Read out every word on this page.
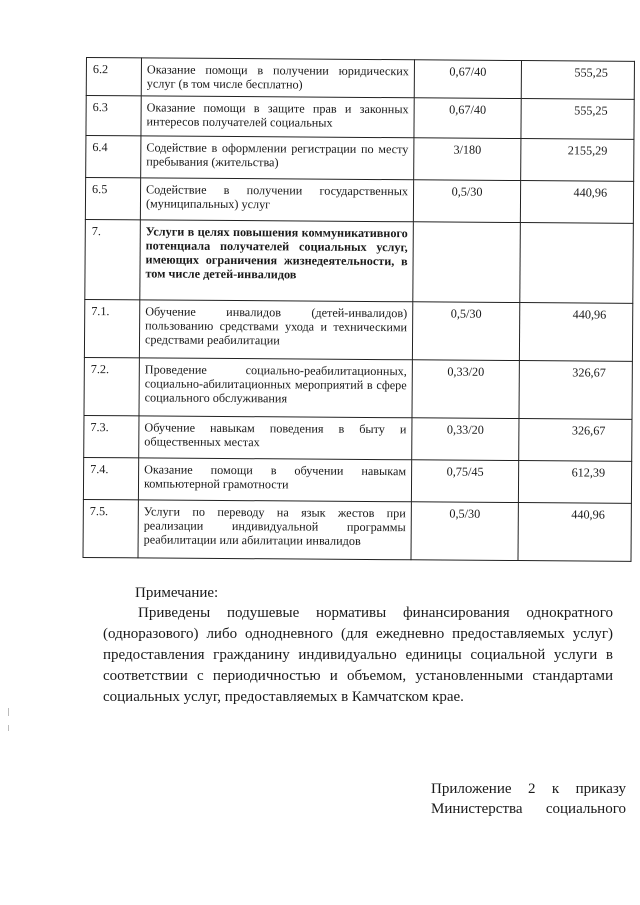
6.2	Оказание помощи в получении юридических услуг (в том числе бесплатно)	0,67/40	555,25
6.3	Оказание помощи в защите прав и законных интересов получателей социальных	0,67/40	555,25
6.4	Содействие в оформлении регистрации по месту пребывания (жительства)	3/180	2155,29
6.5	Содействие в получении государственных (муниципальных) услуг	0,5/30	440,96
7.	Услуги в целях повышения коммуникативного потенциала получателей социальных услуг, имеющих ограничения жизнедеятельности, в том числе детей-инвалидов		
7.1.	Обучение инвалидов (детей-инвалидов) пользованию средствами ухода и техническими средствами реабилитации	0,5/30	440,96
7.2.	Проведение социально-реабилитационных, социально-абилитационных мероприятий в сфере социального обслуживания	0,33/20	326,67
7.3.	Обучение навыкам поведения в быту и общественных местах	0,33/20	326,67
7.4.	Оказание помощи в обучении навыкам компьютерной грамотности	0,75/45	612,39
7.5.	Услуги по переводу на язык жестов при реализации индивидуальной программы реабилитации или абилитации инвалидов	0,5/30	440,96
Примечание:
Приведены подушевые нормативы финансирования однократного (одноразового) либо однодневного (для ежедневно предоставляемых услуг) предоставления гражданину индивидуально единицы социальной услуги в соответствии с периодичностью и объемом, установленными стандартами социальных услуг, предоставляемых в Камчатском крае.
Приложение 2 к приказу
Министерства социального
